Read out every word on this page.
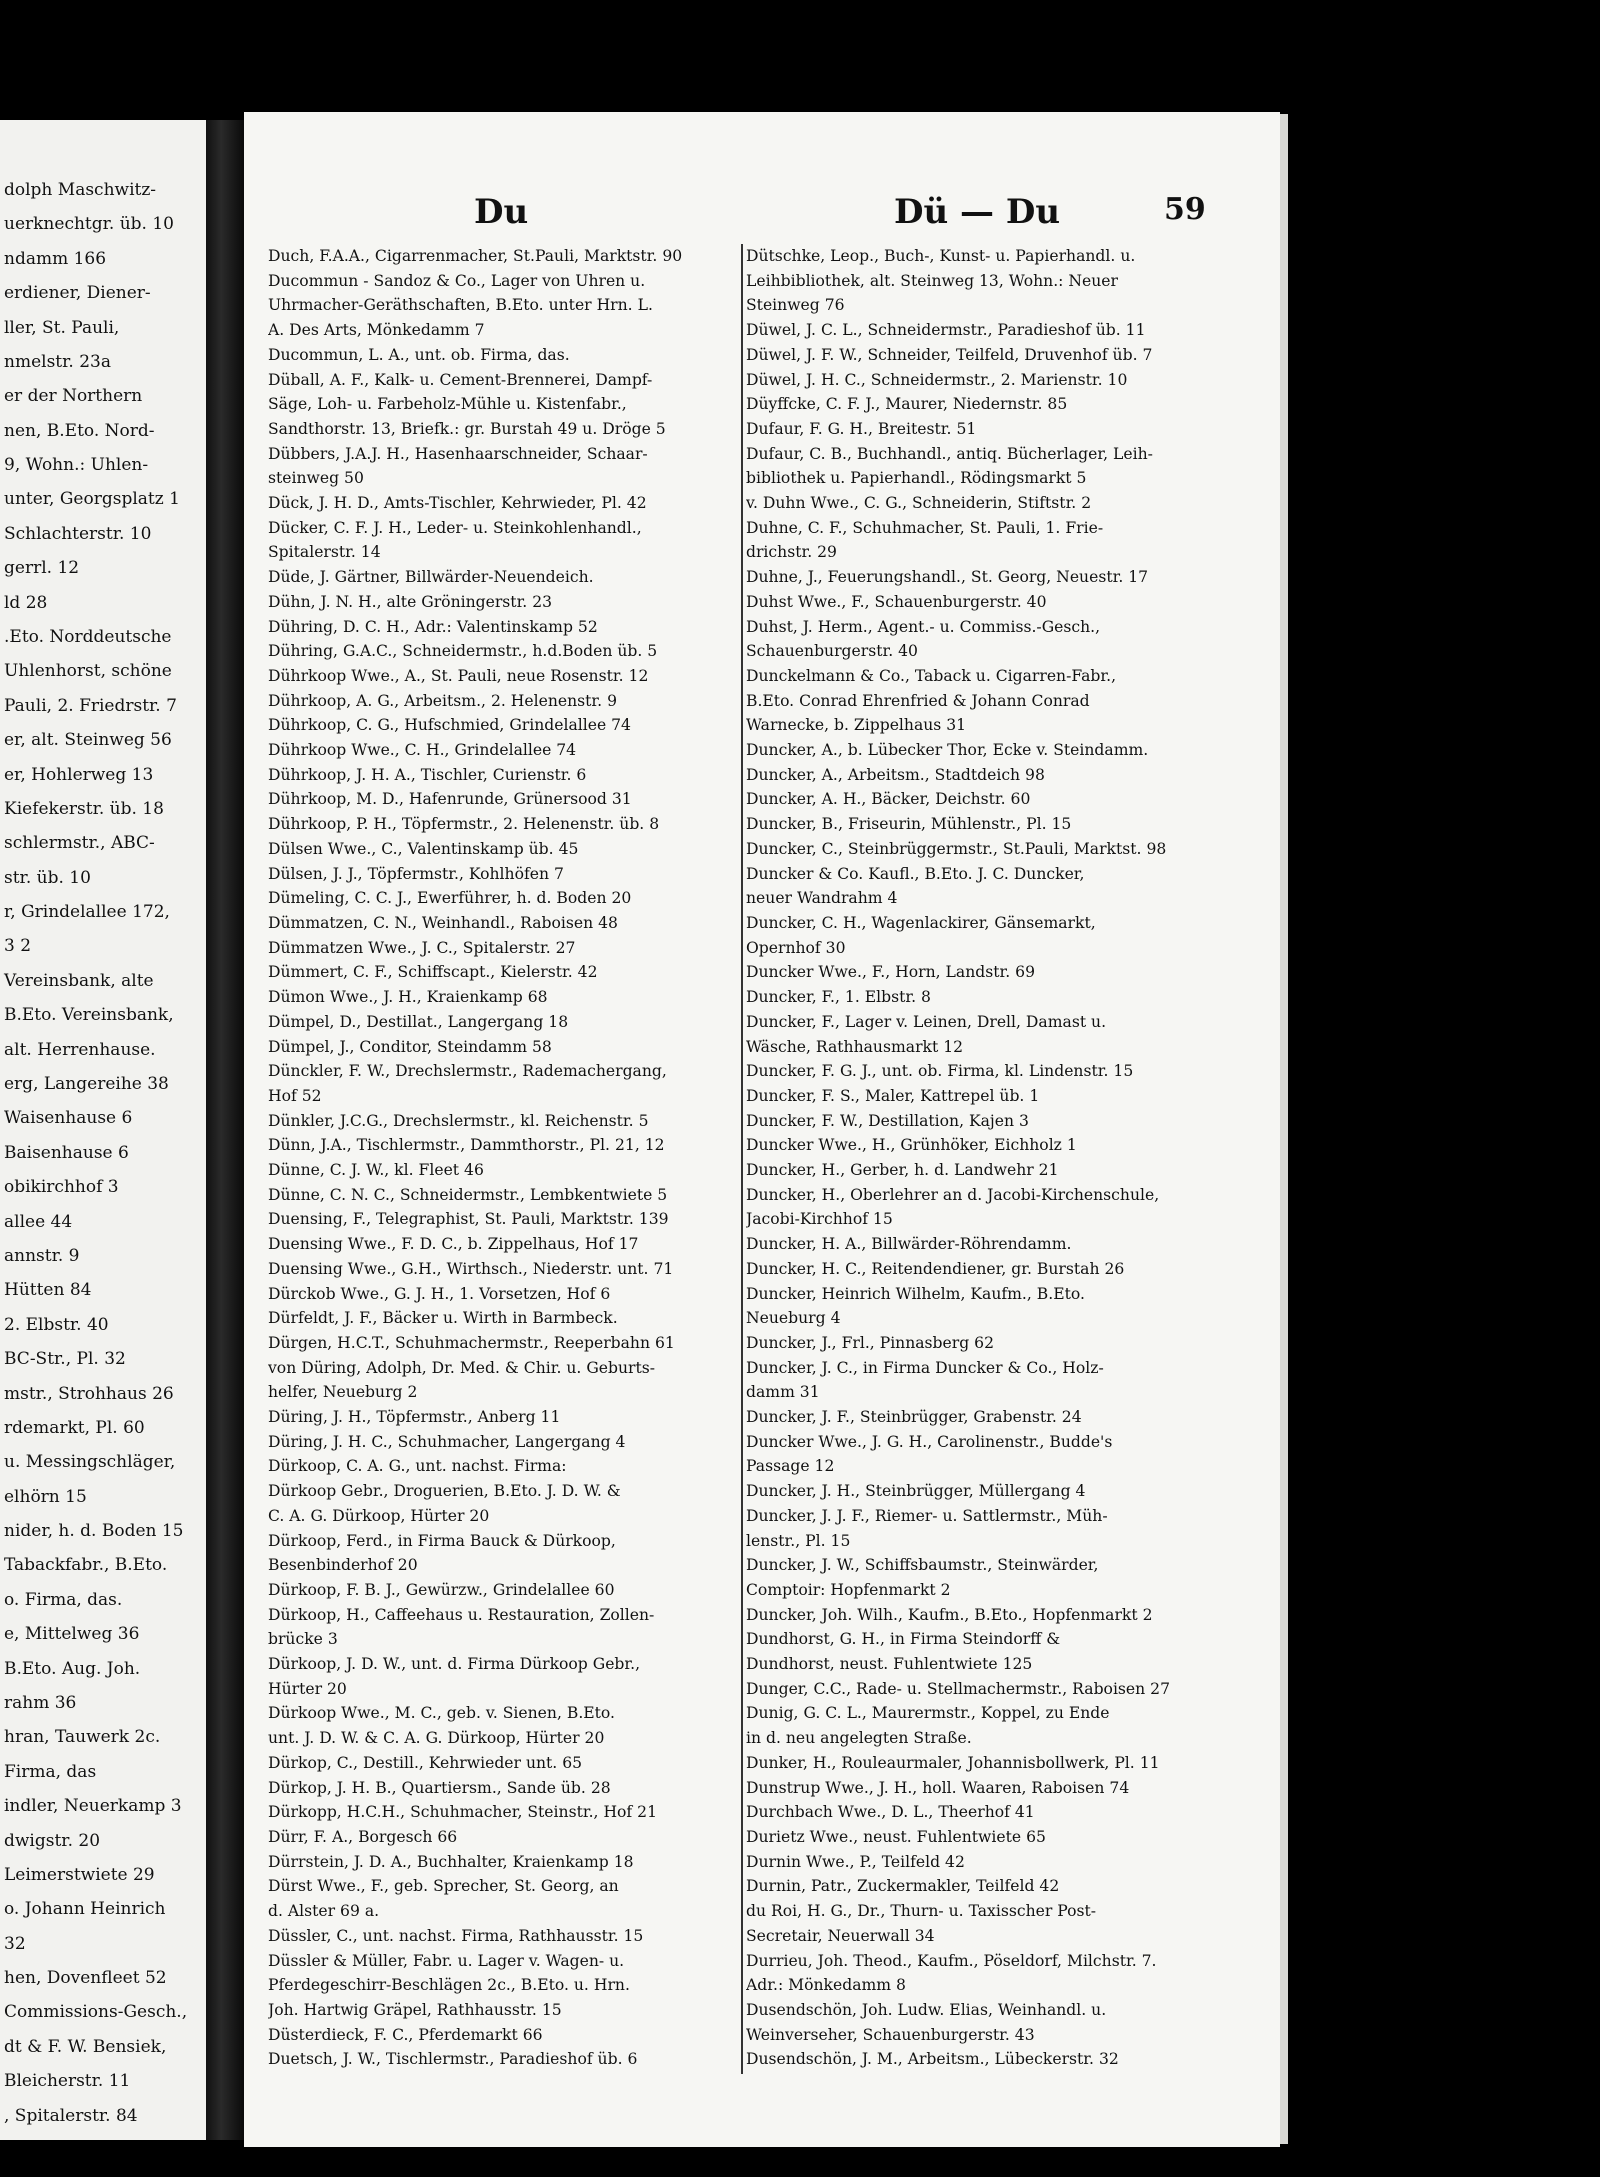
dolph Maschwitz-
uerknechtgr. üb. 10
ndamm 166
erdiener, Diener-
ller, St. Pauli,
nmelstr. 23a
er der Northern
nen, B.Eto. Nord-
9, Wohn.: Uhlen-
unter, Georgsplatz 1
Schlachterstr. 10
gerrl. 12
ld 28
.Eto. Norddeutsche
Uhlenhorst, schöne
Pauli, 2. Friedrstr. 7
er, alt. Steinweg 56
er, Hohlerweg 13
Kiefekerstr. üb. 18
schlermstr., ABC-
str. üb. 10
r, Grindelallee 172,
3 2
Vereinsbank, alte
B.Eto. Vereinsbank,
alt. Herrenhause.
erg, Langereihe 38
Waisenhause 6
Baisenhause 6
obikirchhof 3
allee 44
annstr. 9
Hütten 84
2. Elbstr. 40
BC-Str., Pl. 32
mstr., Strohhaus 26
rdemarkt, Pl. 60
u. Messingschläger,
elhörn 15
nider, h. d. Boden 15
Tabackfabr., B.Eto.
o. Firma, das.
e, Mittelweg 36
B.Eto. Aug. Joh.
rahm 36
hran, Tauwerk 2c.
Firma, das
indler, Neuerkamp 3
dwigstr. 20
Leimerstwiete 29
o. Johann Heinrich
32
hen, Dovenfleet 52
Commissions-Gesch.,
dt & F. W. Bensiek,
Bleicherstr. 11
, Spitalerstr. 84
Du	Dü — Du	59
Duch, F.A.A., Cigarrenmacher, St.Pauli, Marktstr. 90
Ducommun - Sandoz & Co., Lager von Uhren u.
Uhrmacher-Geräthschaften, B.Eto. unter Hrn. L.
A. Des Arts, Mönkedamm 7
Ducommun, L. A., unt. ob. Firma, das.
Düball, A. F., Kalk- u. Cement-Brennerei, Dampf-
Säge, Loh- u. Farbeholz-Mühle u. Kistenfabr.,
Sandthorstr. 13, Briefk.: gr. Burstah 49 u. Dröge 5
Dübbers, J.A.J. H., Hasenhaarschneider, Schaar-
steinweg 50
Dück, J. H. D., Amts-Tischler, Kehrwieder, Pl. 42
Dücker, C. F. J. H., Leder- u. Steinkohlenhandl.,
Spitalerstr. 14
Düde, J. Gärtner, Billwärder-Neuendeich.
Dühn, J. N. H., alte Gröningerstr. 23
Dühring, D. C. H., Adr.: Valentinskamp 52
Dühring, G.A.C., Schneidermstr., h.d.Boden üb. 5
Dührkoop Wwe., A., St. Pauli, neue Rosenstr. 12
Dührkoop, A. G., Arbeitsm., 2. Helenenstr. 9
Dührkoop, C. G., Hufschmied, Grindelallee 74
Dührkoop Wwe., C. H., Grindelallee 74
Dührkoop, J. H. A., Tischler, Curienstr. 6
Dührkoop, M. D., Hafenrunde, Grünersood 31
Dührkoop, P. H., Töpfermstr., 2. Helenenstr. üb. 8
Dülsen Wwe., C., Valentinskamp üb. 45
Dülsen, J. J., Töpfermstr., Kohlhöfen 7
Dümeling, C. C. J., Ewerführer, h. d. Boden 20
Dümmatzen, C. N., Weinhandl., Raboisen 48
Dümmatzen Wwe., J. C., Spitalerstr. 27
Dümmert, C. F., Schiffscapt., Kielerstr. 42
Dümon Wwe., J. H., Kraienkamp 68
Dümpel, D., Destillat., Langergang 18
Dümpel, J., Conditor, Steindamm 58
Dünckler, F. W., Drechslermstr., Rademachergang,
Hof 52
Dünkler, J.C.G., Drechslermstr., kl. Reichenstr. 5
Dünn, J.A., Tischlermstr., Dammthorstr., Pl. 21, 12
Dünne, C. J. W., kl. Fleet 46
Dünne, C. N. C., Schneidermstr., Lembkentwiete 5
Duensing, F., Telegraphist, St. Pauli, Marktstr. 139
Duensing Wwe., F. D. C., b. Zippelhaus, Hof 17
Duensing Wwe., G.H., Wirthsch., Niederstr. unt. 71
Dürckob Wwe., G. J. H., 1. Vorsetzen, Hof 6
Dürfeldt, J. F., Bäcker u. Wirth in Barmbeck.
Dürgen, H.C.T., Schuhmachermstr., Reeperbahn 61
von Düring, Adolph, Dr. Med. & Chir. u. Geburts-
helfer, Neueburg 2
Düring, J. H., Töpfermstr., Anberg 11
Düring, J. H. C., Schuhmacher, Langergang 4
Dürkoop, C. A. G., unt. nachst. Firma:
Dürkoop Gebr., Droguerien, B.Eto. J. D. W. &
C. A. G. Dürkoop, Hürter 20
Dürkoop, Ferd., in Firma Bauck & Dürkoop,
Besenbinderhof 20
Dürkoop, F. B. J., Gewürzw., Grindelallee 60
Dürkoop, H., Caffeehaus u. Restauration, Zollen-
brücke 3
Dürkoop, J. D. W., unt. d. Firma Dürkoop Gebr.,
Hürter 20
Dürkoop Wwe., M. C., geb. v. Sienen, B.Eto.
unt. J. D. W. & C. A. G. Dürkoop, Hürter 20
Dürkop, C., Destill., Kehrwieder unt. 65
Dürkop, J. H. B., Quartiersm., Sande üb. 28
Dürkopp, H.C.H., Schuhmacher, Steinstr., Hof 21
Dürr, F. A., Borgesch 66
Dürrstein, J. D. A., Buchhalter, Kraienkamp 18
Dürst Wwe., F., geb. Sprecher, St. Georg, an
d. Alster 69 a.
Düssler, C., unt. nachst. Firma, Rathhausstr. 15
Düssler & Müller, Fabr. u. Lager v. Wagen- u.
Pferdegeschirr-Beschlägen 2c., B.Eto. u. Hrn.
Joh. Hartwig Gräpel, Rathhausstr. 15
Düsterdieck, F. C., Pferdemarkt 66
Duetsch, J. W., Tischlermstr., Paradieshof üb. 6
Dütschke, Leop., Buch-, Kunst- u. Papierhandl. u.
Leihbibliothek, alt. Steinweg 13, Wohn.: Neuer
Steinweg 76
Düwel, J. C. L., Schneidermstr., Paradieshof üb. 11
Düwel, J. F. W., Schneider, Teilfeld, Druvenhof üb. 7
Düwel, J. H. C., Schneidermstr., 2. Marienstr. 10
Düyffcke, C. F. J., Maurer, Niedernstr. 85
Dufaur, F. G. H., Breitestr. 51
Dufaur, C. B., Buchhandl., antiq. Bücherlager, Leih-
bibliothek u. Papierhandl., Rödingsmarkt 5
v. Duhn Wwe., C. G., Schneiderin, Stiftstr. 2
Duhne, C. F., Schuhmacher, St. Pauli, 1. Frie-
drichstr. 29
Duhne, J., Feuerungshandl., St. Georg, Neuestr. 17
Duhst Wwe., F., Schauenburgerstr. 40
Duhst, J. Herm., Agent.- u. Commiss.-Gesch.,
Schauenburgerstr. 40
Dunckelmann & Co., Taback u. Cigarren-Fabr.,
B.Eto. Conrad Ehrenfried & Johann Conrad
Warnecke, b. Zippelhaus 31
Duncker, A., b. Lübecker Thor, Ecke v. Steindamm.
Duncker, A., Arbeitsm., Stadtdeich 98
Duncker, A. H., Bäcker, Deichstr. 60
Duncker, B., Friseurin, Mühlenstr., Pl. 15
Duncker, C., Steinbrüggermstr., St.Pauli, Marktst. 98
Duncker & Co. Kaufl., B.Eto. J. C. Duncker,
neuer Wandrahm 4
Duncker, C. H., Wagenlackirer, Gänsemarkt,
Opernhof 30
Duncker Wwe., F., Horn, Landstr. 69
Duncker, F., 1. Elbstr. 8
Duncker, F., Lager v. Leinen, Drell, Damast u.
Wäsche, Rathhausmarkt 12
Duncker, F. G. J., unt. ob. Firma, kl. Lindenstr. 15
Duncker, F. S., Maler, Kattrepel üb. 1
Duncker, F. W., Destillation, Kajen 3
Duncker Wwe., H., Grünhöker, Eichholz 1
Duncker, H., Gerber, h. d. Landwehr 21
Duncker, H., Oberlehrer an d. Jacobi-Kirchenschule,
Jacobi-Kirchhof 15
Duncker, H. A., Billwärder-Röhrendamm.
Duncker, H. C., Reitendendiener, gr. Burstah 26
Duncker, Heinrich Wilhelm, Kaufm., B.Eto.
Neueburg 4
Duncker, J., Frl., Pinnasberg 62
Duncker, J. C., in Firma Duncker & Co., Holz-
damm 31
Duncker, J. F., Steinbrügger, Grabenstr. 24
Duncker Wwe., J. G. H., Carolinenstr., Budde's
Passage 12
Duncker, J. H., Steinbrügger, Müllergang 4
Duncker, J. J. F., Riemer- u. Sattlermstr., Müh-
lenstr., Pl. 15
Duncker, J. W., Schiffsbaumstr., Steinwärder,
Comptoir: Hopfenmarkt 2
Duncker, Joh. Wilh., Kaufm., B.Eto., Hopfenmarkt 2
Dundhorst, G. H., in Firma Steindorff &
Dundhorst, neust. Fuhlentwiete 125
Dunger, C.C., Rade- u. Stellmachermstr., Raboisen 27
Dunig, G. C. L., Maurermstr., Koppel, zu Ende
in d. neu angelegten Straße.
Dunker, H., Rouleaurmaler, Johannisbollwerk, Pl. 11
Dunstrup Wwe., J. H., holl. Waaren, Raboisen 74
Durchbach Wwe., D. L., Theerhof 41
Durietz Wwe., neust. Fuhlentwiete 65
Durnin Wwe., P., Teilfeld 42
Durnin, Patr., Zuckermakler, Teilfeld 42
du Roi, H. G., Dr., Thurn- u. Taxisscher Post-
Secretair, Neuerwall 34
Durrieu, Joh. Theod., Kaufm., Pöseldorf, Milchstr. 7.
Adr.: Mönkedamm 8
Dusendschön, Joh. Ludw. Elias, Weinhandl. u.
Weinverseher, Schauenburgerstr. 43
Dusendschön, J. M., Arbeitsm., Lübeckerstr. 32
